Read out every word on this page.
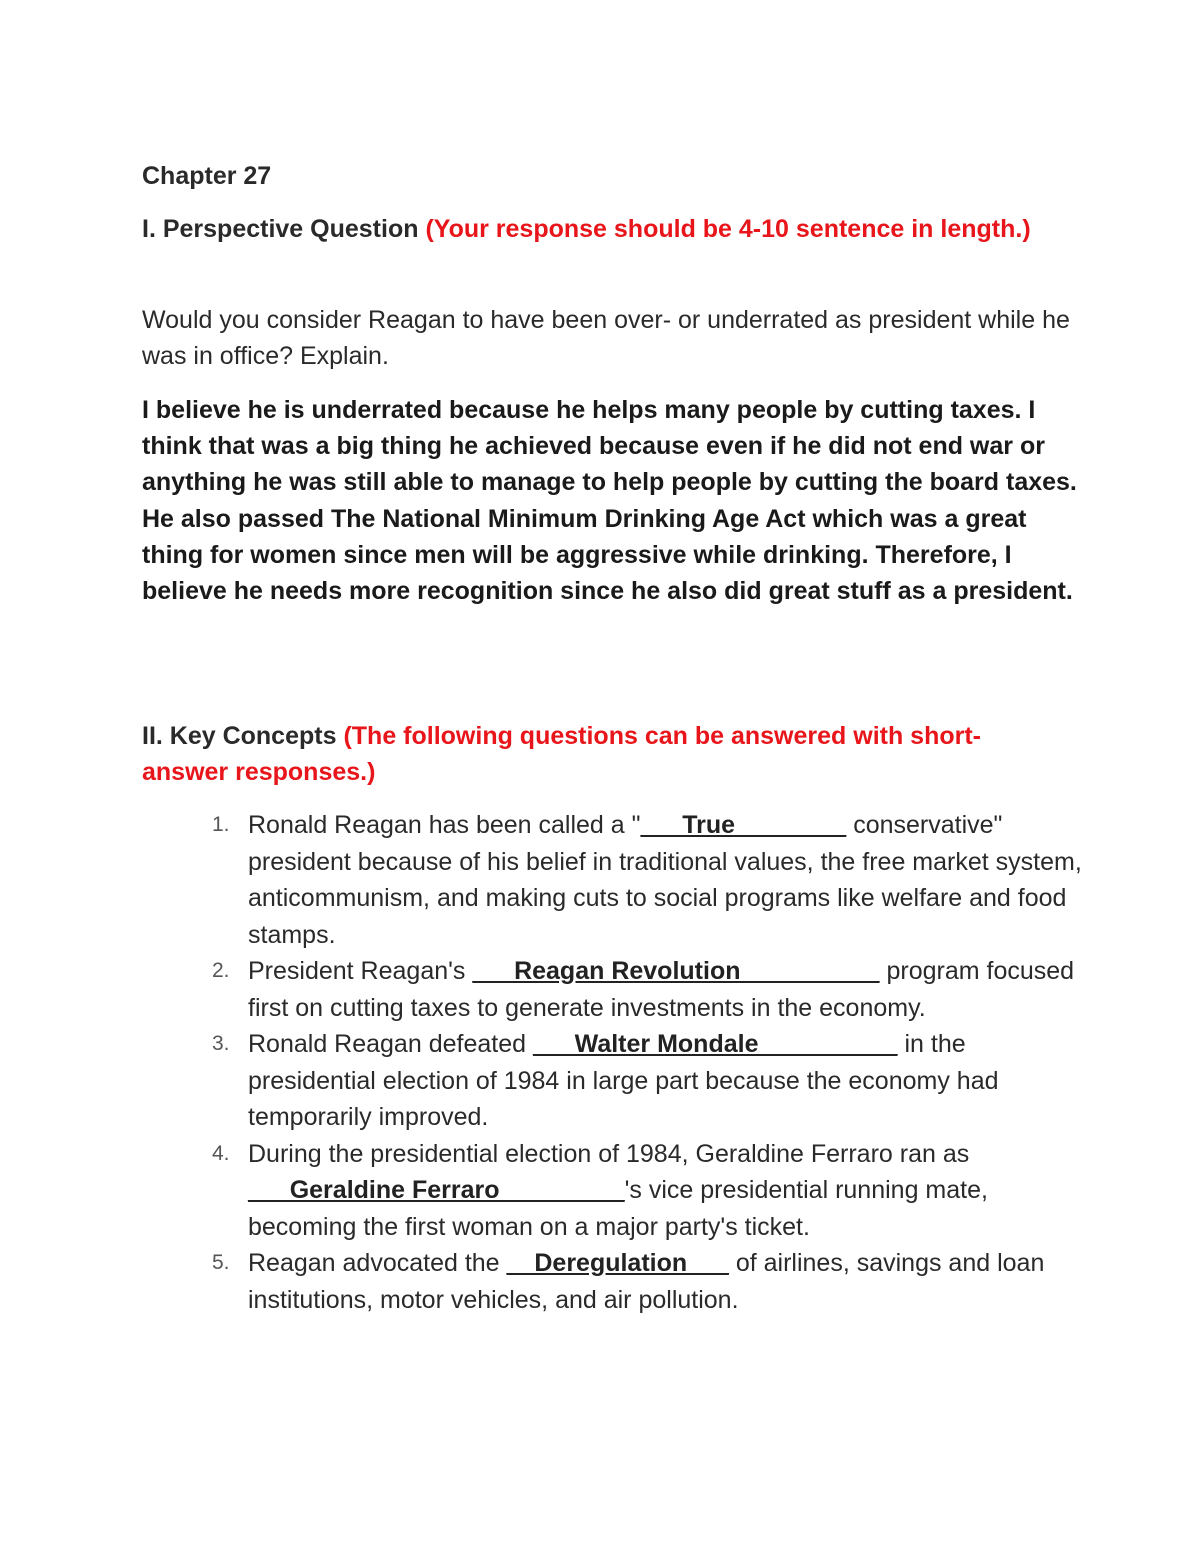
Chapter 27
I. Perspective Question (Your response should be 4-10 sentence in length.)

Would you consider Reagan to have been over- or underrated as president while he was in office? Explain.

I believe he is underrated because he helps many people by cutting taxes. I think that was a big thing he achieved because even if he did not end war or anything he was still able to manage to help people by cutting the board taxes. He also passed The National Minimum Drinking Age Act which was a great thing for women since men will be aggressive while drinking. Therefore, I believe he needs more recognition since he also did great stuff as a president.

II. Key Concepts (The following questions can be answered with short-answer responses.)
1. Ronald Reagan has been called a "___True________ conservative" president because of his belief in traditional values, the free market system, anticommunism, and making cuts to social programs like welfare and food stamps.
2. President Reagan's ___Reagan Revolution__________ program focused first on cutting taxes to generate investments in the economy.
3. Ronald Reagan defeated ___Walter Mondale__________ in the presidential election of 1984 in large part because the economy had temporarily improved.
4. During the presidential election of 1984, Geraldine Ferraro ran as ___Geraldine Ferraro_________'s vice presidential running mate, becoming the first woman on a major party's ticket.
5. Reagan advocated the __Deregulation___ of airlines, savings and loan institutions, motor vehicles, and air pollution.
